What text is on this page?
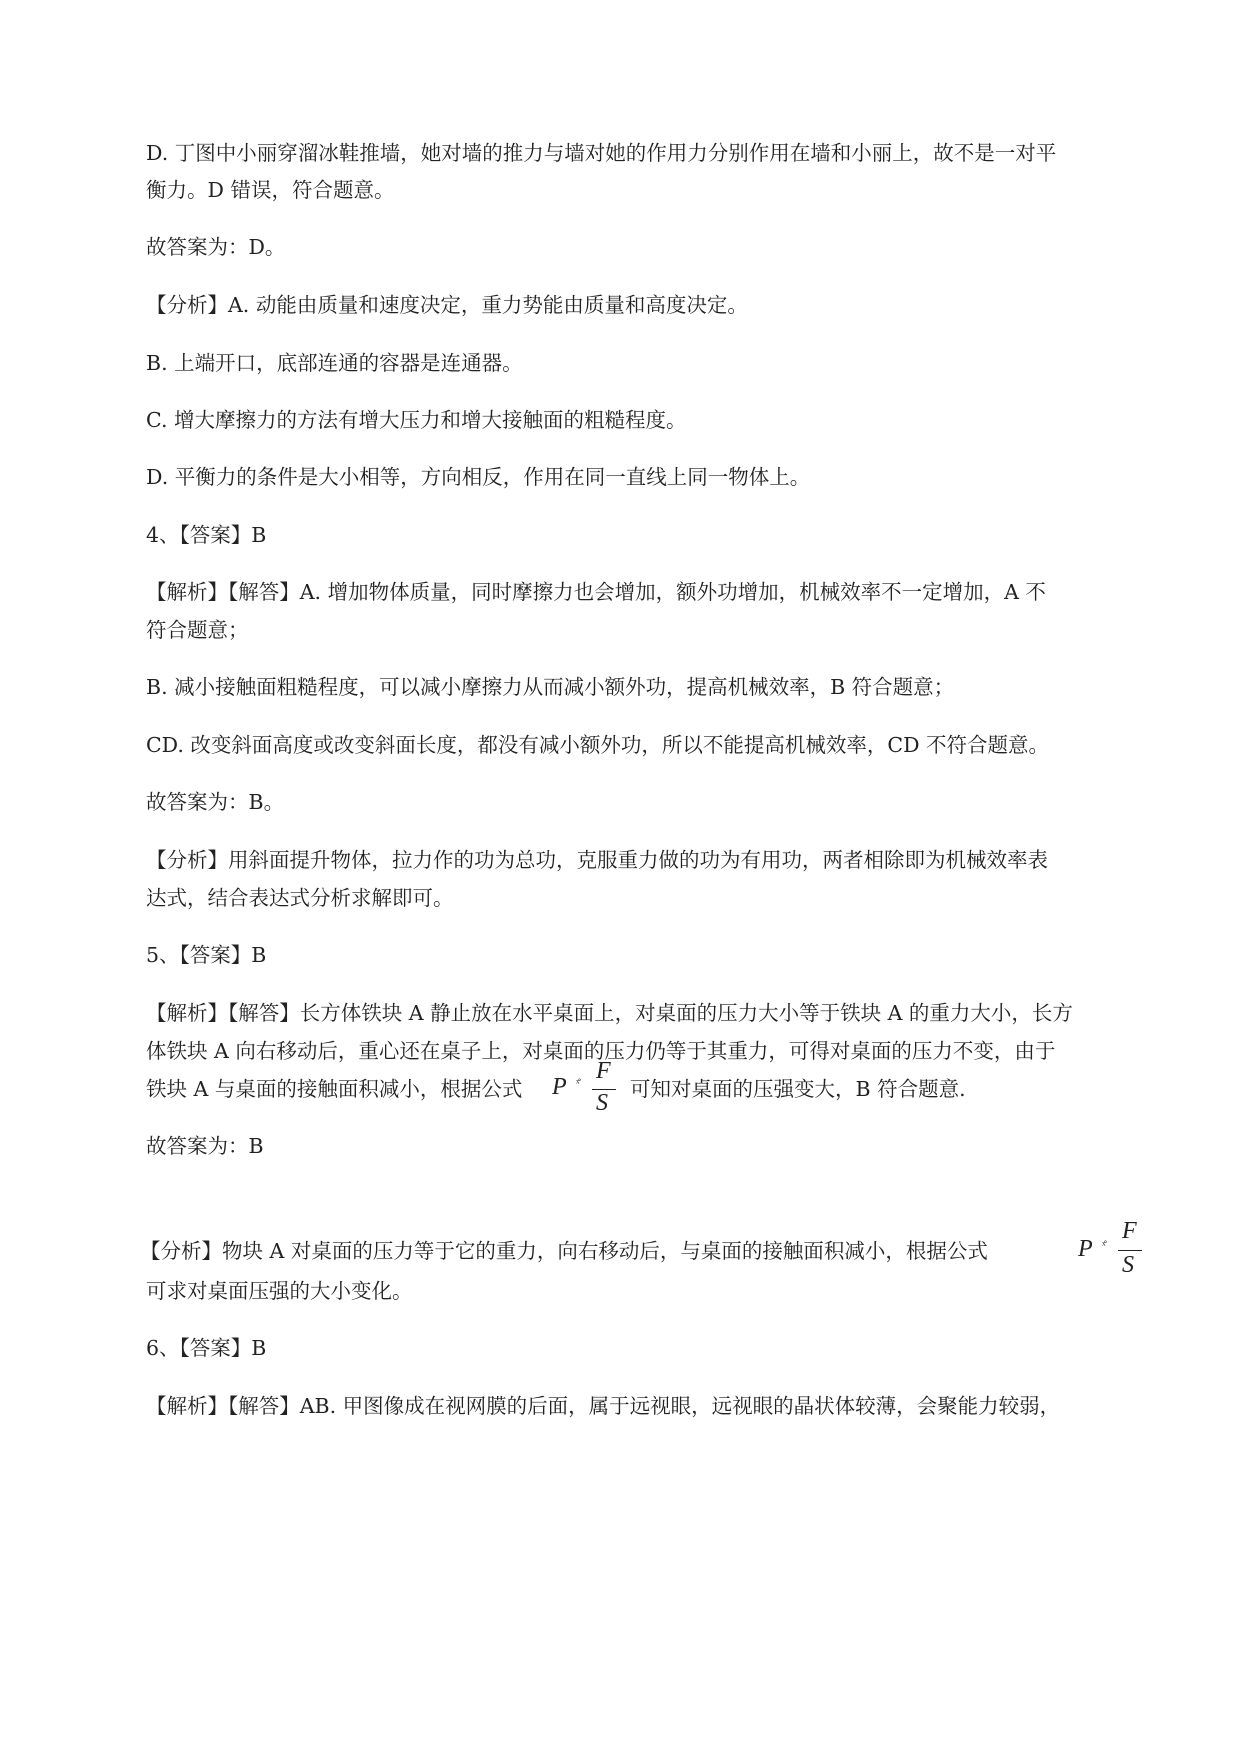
D. 丁图中小丽穿溜冰鞋推墙，她对墙的推力与墙对她的作用力分别作用在墙和小丽上，故不是一对平
衡力。D 错误，符合题意。
故答案为：D。
【分析】A. 动能由质量和速度决定，重力势能由质量和高度决定。
B. 上端开口，底部连通的容器是连通器。
C. 增大摩擦力的方法有增大压力和增大接触面的粗糙程度。
D. 平衡力的条件是大小相等，方向相反，作用在同一直线上同一物体上。
4、【答案】B
【解析】【解答】A. 增加物体质量，同时摩擦力也会增加，额外功增加，机械效率不一定增加，A 不
符合题意；
B. 减小接触面粗糙程度，可以减小摩擦力从而减小额外功，提高机械效率，B 符合题意；
CD. 改变斜面高度或改变斜面长度，都没有减小额外功，所以不能提高机械效率，CD 不符合题意。
故答案为：B。
【分析】用斜面提升物体，拉力作的功为总功，克服重力做的功为有用功，两者相除即为机械效率表
达式，结合表达式分析求解即可。
5、【答案】B
【解析】【解答】长方体铁块 A 静止放在水平桌面上，对桌面的压力大小等于铁块 A 的重力大小，长方
体铁块 A 向右移动后，重心还在桌子上，对桌面的压力仍等于其重力，可得对桌面的压力不变，由于
铁块 A 与桌面的接触面积减小，根据公式 P ˣ̊ F
S
可知对桌面的压强变大，B 符合题意.
故答案为：B
【分析】物块 A 对桌面的压力等于它的重力，向右移动后，与桌面的接触面积减小，根据公式	P ˣ̊
F
S
可求对桌面压强的大小变化。
6、【答案】B
【解析】【解答】AB. 甲图像成在视网膜的后面，属于远视眼，远视眼的晶状体较薄，会聚能力较弱，
